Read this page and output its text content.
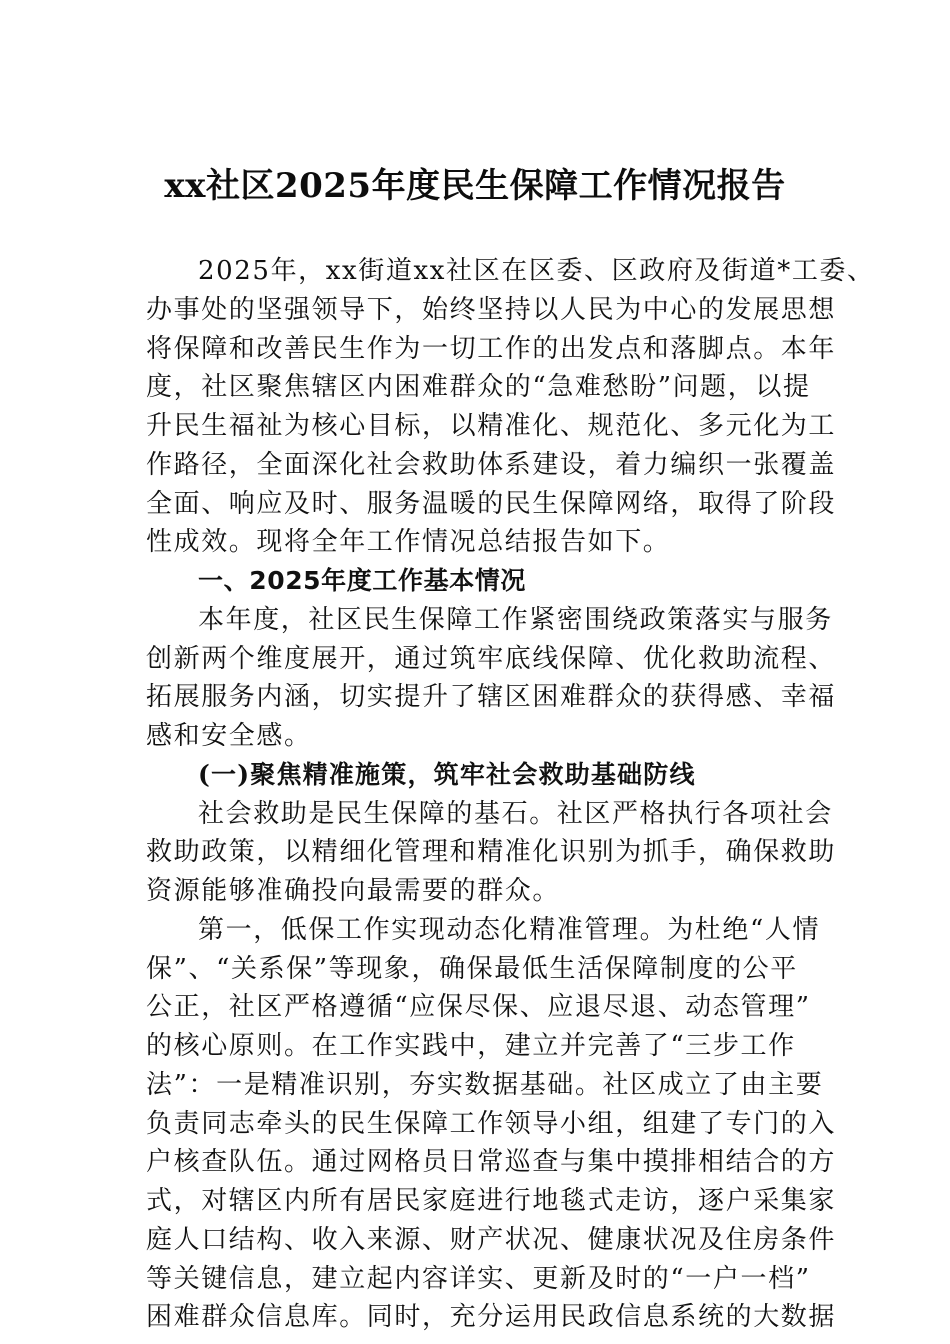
xx社区2025年度民生保障工作情况报告
2025年，xx街道xx社区在区委、区政府及街道*工委、
办事处的坚强领导下，始终坚持以人民为中心的发展思想
将保障和改善民生作为一切工作的出发点和落脚点。本年
度，社区聚焦辖区内困难群众的“急难愁盼”问题，以提
升民生福祉为核心目标，以精准化、规范化、多元化为工
作路径，全面深化社会救助体系建设，着力编织一张覆盖
全面、响应及时、服务温暖的民生保障网络，取得了阶段
性成效。现将全年工作情况总结报告如下。
一、2025年度工作基本情况
本年度，社区民生保障工作紧密围绕政策落实与服务
创新两个维度展开，通过筑牢底线保障、优化救助流程、
拓展服务内涵，切实提升了辖区困难群众的获得感、幸福
感和安全感。
(一)聚焦精准施策，筑牢社会救助基础防线
社会救助是民生保障的基石。社区严格执行各项社会
救助政策，以精细化管理和精准化识别为抓手，确保救助
资源能够准确投向最需要的群众。
第一，低保工作实现动态化精准管理。为杜绝“人情
保”、“关系保”等现象，确保最低生活保障制度的公平
公正，社区严格遵循“应保尽保、应退尽退、动态管理”
的核心原则。在工作实践中，建立并完善了“三步工作
法”：一是精准识别，夯实数据基础。社区成立了由主要
负责同志牵头的民生保障工作领导小组，组建了专门的入
户核查队伍。通过网格员日常巡查与集中摸排相结合的方
式，对辖区内所有居民家庭进行地毯式走访，逐户采集家
庭人口结构、收入来源、财产状况、健康状况及住房条件
等关键信息，建立起内容详实、更新及时的“一户一档”
困难群众信息库。同时，充分运用民政信息系统的大数据
